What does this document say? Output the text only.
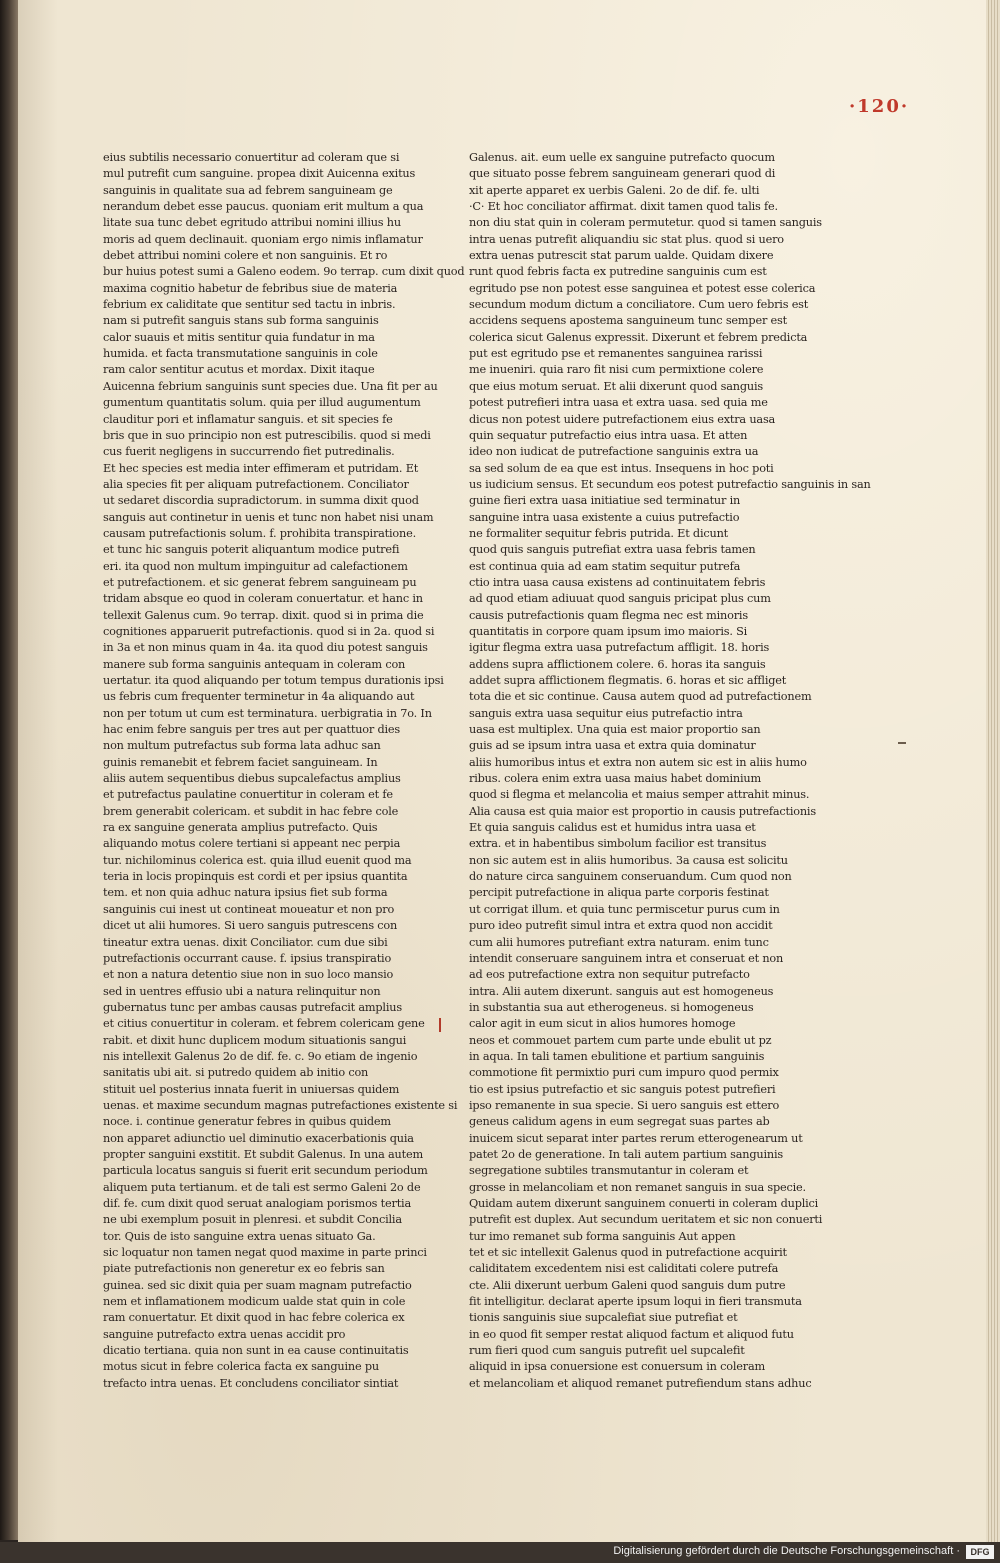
·120·
eius subtilis necessario conuertitur ad coleram que si
mul putrefit cum sanguine. propea dixit Auicenna exitus
sanguinis in qualitate sua ad febrem sanguineam ge
nerandum debet esse paucus. quoniam erit multum a qua
litate sua tunc debet egritudo attribui nomini illius hu
moris ad quem declinauit. quoniam ergo nimis inflamatur
debet attribui nomini colere et non sanguinis. Et ro
bur huius potest sumi a Galeno eodem. 9o terrap. cum dixit quod
maxima cognitio habetur de febribus siue de materia
febrium ex caliditate que sentitur sed tactu in inbris.
nam si putrefit sanguis stans sub forma sanguinis
calor suauis et mitis sentitur quia fundatur in ma
humida. et facta transmutatione sanguinis in cole
ram calor sentitur acutus et mordax. Dixit itaque
Auicenna febrium sanguinis sunt species due. Una fit per au
gumentum quantitatis solum. quia per illud augumentum
clauditur pori et inflamatur sanguis. et sit species fe
bris que in suo principio non est putrescibilis. quod si medi
cus fuerit negligens in succurrendo fiet putredinalis.
Et hec species est media inter effimeram et putridam. Et
alia species fit per aliquam putrefactionem. Conciliator
ut sedaret discordia supradictorum. in summa dixit quod
sanguis aut continetur in uenis et tunc non habet nisi unam
causam putrefactionis solum. f. prohibita transpiratione.
et tunc hic sanguis poterit aliquantum modice putrefi
eri. ita quod non multum impinguitur ad calefactionem
et putrefactionem. et sic generat febrem sanguineam pu
tridam absque eo quod in coleram conuertatur. et hanc in
tellexit Galenus cum. 9o terrap. dixit. quod si in prima die
cognitiones apparuerit putrefactionis. quod si in 2a. quod si
in 3a et non minus quam in 4a. ita quod diu potest sanguis
manere sub forma sanguinis antequam in coleram con
uertatur. ita quod aliquando per totum tempus durationis ipsi
us febris cum frequenter terminetur in 4a aliquando aut
non per totum ut cum est terminatura. uerbigratia in 7o. In
hac enim febre sanguis per tres aut per quattuor dies
non multum putrefactus sub forma lata adhuc san
guinis remanebit et febrem faciet sanguineam. In
aliis autem sequentibus diebus supcalefactus amplius
et putrefactus paulatine conuertitur in coleram et fe
brem generabit colericam. et subdit in hac febre cole
ra ex sanguine generata amplius putrefacto. Quis
aliquando motus colere tertiani si appeant nec perpia
tur. nichilominus colerica est. quia illud euenit quod ma
teria in locis propinquis est cordi et per ipsius quantita
tem. et non quia adhuc natura ipsius fiet sub forma
sanguinis cui inest ut contineat moueatur et non pro
dicet ut alii humores. Si uero sanguis putrescens con
tineatur extra uenas. dixit Conciliator. cum due sibi
putrefactionis occurrant cause. f. ipsius transpiratio
et non a natura detentio siue non in suo loco mansio
sed in uentres effusio ubi a natura relinquitur non
gubernatus tunc per ambas causas putrefacit amplius
et citius conuertitur in coleram. et febrem colericam gene
rabit. et dixit hunc duplicem modum situationis sangui
nis intellexit Galenus 2o de dif. fe. c. 9o etiam de ingenio
sanitatis ubi ait. si putredo quidem ab initio con
stituit uel posterius innata fuerit in uniuersas quidem
uenas. et maxime secundum magnas putrefactiones existente si
noce. i. continue generatur febres in quibus quidem
non apparet adiunctio uel diminutio exacerbationis quia
propter sanguini exstitit. Et subdit Galenus. In una autem
particula locatus sanguis si fuerit erit secundum periodum
aliquem puta tertianum. et de tali est sermo Galeni 2o de
dif. fe. cum dixit quod seruat analogiam porismos tertia
ne ubi exemplum posuit in plenresi. et subdit Concilia
tor. Quis de isto sanguine extra uenas situato Ga.
sic loquatur non tamen negat quod maxime in parte princi
piate putrefactionis non generetur ex eo febris san
guinea. sed sic dixit quia per suam magnam putrefactio
nem et inflamationem modicum ualde stat quin in cole
ram conuertatur. Et dixit quod in hac febre colerica ex
sanguine putrefacto extra uenas accidit pro
dicatio tertiana. quia non sunt in ea cause continuitatis
motus sicut in febre colerica facta ex sanguine pu
trefacto intra uenas. Et concludens conciliator sintiat
Galenus. ait. eum uelle ex sanguine putrefacto quocum
que situato posse febrem sanguineam generari quod di
xit aperte apparet ex uerbis Galeni. 2o de dif. fe. ulti
·C· Et hoc conciliator affirmat. dixit tamen quod talis fe.
non diu stat quin in coleram permutetur. quod si tamen sanguis
intra uenas putrefit aliquandiu sic stat plus. quod si uero
extra uenas putrescit stat parum ualde. Quidam dixere
runt quod febris facta ex putredine sanguinis cum est
egritudo pse non potest esse sanguinea et potest esse colerica
secundum modum dictum a conciliatore. Cum uero febris est
accidens sequens apostema sanguineum tunc semper est
colerica sicut Galenus expressit. Dixerunt et febrem predicta
put est egritudo pse et remanentes sanguinea rarissi
me inueniri. quia raro fit nisi cum permixtione colere
que eius motum seruat. Et alii dixerunt quod sanguis
potest putrefieri intra uasa et extra uasa. sed quia me
dicus non potest uidere putrefactionem eius extra uasa
quin sequatur putrefactio eius intra uasa. Et atten
ideo non iudicat de putrefactione sanguinis extra ua
sa sed solum de ea que est intus. Insequens in hoc poti
us iudicium sensus. Et secundum eos potest putrefactio sanguinis in san
guine fieri extra uasa initiatiue sed terminatur in
sanguine intra uasa existente a cuius putrefactio
ne formaliter sequitur febris putrida. Et dicunt
quod quis sanguis putrefiat extra uasa febris tamen
est continua quia ad eam statim sequitur putrefa
ctio intra uasa causa existens ad continuitatem febris
ad quod etiam adiuuat quod sanguis pricipat plus cum
causis putrefactionis quam flegma nec est minoris
quantitatis in corpore quam ipsum imo maioris. Si
igitur flegma extra uasa putrefactum affligit. 18. horis
addens supra afflictionem colere. 6. horas ita sanguis
addet supra afflictionem flegmatis. 6. horas et sic affliget
tota die et sic continue. Causa autem quod ad putrefactionem
sanguis extra uasa sequitur eius putrefactio intra
uasa est multiplex. Una quia est maior proportio san
guis ad se ipsum intra uasa et extra quia dominatur
aliis humoribus intus et extra non autem sic est in aliis humo
ribus. colera enim extra uasa maius habet dominium
quod si flegma et melancolia et maius semper attrahit minus.
Alia causa est quia maior est proportio in causis putrefactionis
Et quia sanguis calidus est et humidus intra uasa et
extra. et in habentibus simbolum facilior est transitus
non sic autem est in aliis humoribus. 3a causa est solicitu
do nature circa sanguinem conseruandum. Cum quod non
percipit putrefactione in aliqua parte corporis festinat
ut corrigat illum. et quia tunc permiscetur purus cum in
puro ideo putrefit simul intra et extra quod non accidit
cum alii humores putrefiant extra naturam. enim tunc
intendit conseruare sanguinem intra et conseruat et non
ad eos putrefactione extra non sequitur putrefacto
intra. Alii autem dixerunt. sanguis aut est homogeneus
in substantia sua aut etherogeneus. si homogeneus
calor agit in eum sicut in alios humores homoge
neos et commouet partem cum parte unde ebulit ut pz
in aqua. In tali tamen ebulitione et partium sanguinis
commotione fit permixtio puri cum impuro quod permix
tio est ipsius putrefactio et sic sanguis potest putrefieri
ipso remanente in sua specie. Si uero sanguis est ettero
geneus calidum agens in eum segregat suas partes ab
inuicem sicut separat inter partes rerum etterogenearum ut
patet 2o de generatione. In tali autem partium sanguinis
segregatione subtiles transmutantur in coleram et
grosse in melancoliam et non remanet sanguis in sua specie.
Quidam autem dixerunt sanguinem conuerti in coleram duplici
putrefit est duplex. Aut secundum ueritatem et sic non conuerti
tur imo remanet sub forma sanguinis Aut appen
tet et sic intellexit Galenus quod in putrefactione acquirit
caliditatem excedentem nisi est caliditati colere putrefa
cte. Alii dixerunt uerbum Galeni quod sanguis dum putre
fit intelligitur. declarat aperte ipsum loqui in fieri transmuta
tionis sanguinis siue supcalefiat siue putrefiat et
in eo quod fit semper restat aliquod factum et aliquod futu
rum fieri quod cum sanguis putrefit uel supcalefit
aliquid in ipsa conuersione est conuersum in coleram
et melancoliam et aliquod remanet putrefiendum stans adhuc
Digitalisierung gefördert durch die Deutsche Forschungsgemeinschaft ·	DFG
